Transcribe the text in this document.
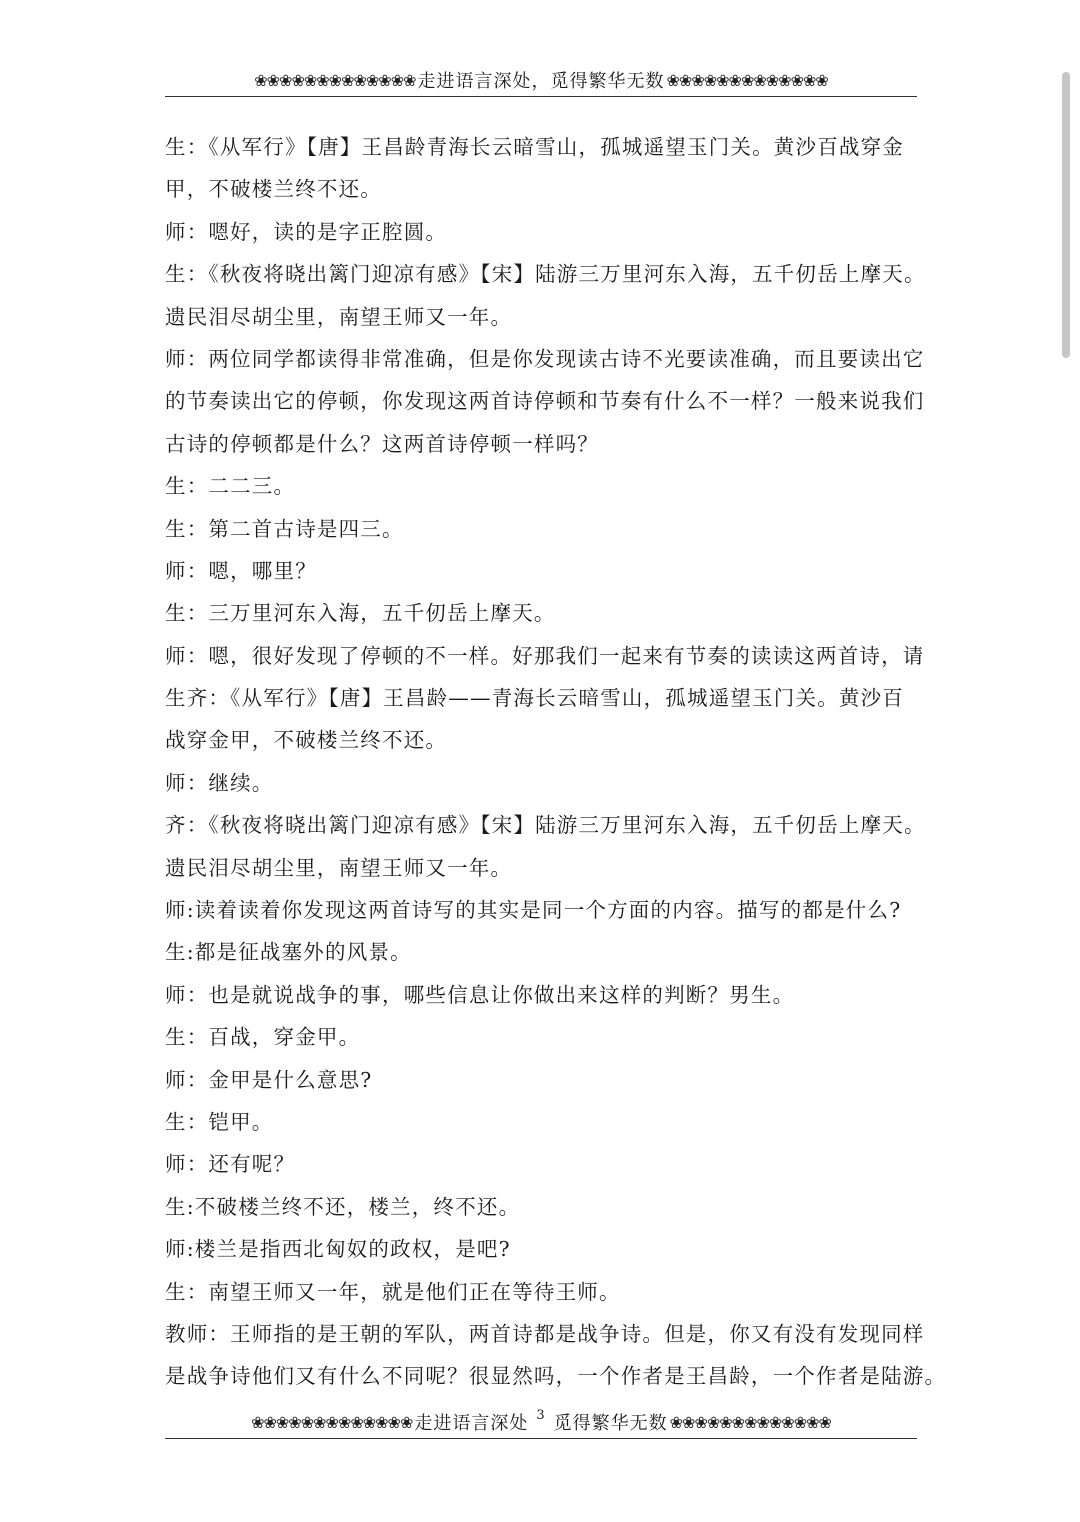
❀❀❀❀❀❀❀❀❀❀❀❀❀ 走进语言深处，觅得繁华无数 ❀❀❀❀❀❀❀❀❀❀❀❀❀
生：《从军行》【唐】王昌龄青海长云暗雪山，孤城遥望玉门关。黄沙百战穿金
甲，不破楼兰终不还。
师：嗯好，读的是字正腔圆。
生：《秋夜将晓出篱门迎凉有感》【宋】陆游三万里河东入海，五千仞岳上摩天。
遗民泪尽胡尘里，南望王师又一年。
师：两位同学都读得非常准确，但是你发现读古诗不光要读准确，而且要读出它
的节奏读出它的停顿，你发现这两首诗停顿和节奏有什么不一样？一般来说我们
古诗的停顿都是什么？这两首诗停顿一样吗？
生：二二三。
生：第二首古诗是四三。
师：嗯，哪里？
生：三万里河东入海，五千仞岳上摩天。
师：嗯，很好发现了停顿的不一样。好那我们一起来有节奏的读读这两首诗，请
生齐：《从军行》【唐】王昌龄——青海长云暗雪山，孤城遥望玉门关。黄沙百
战穿金甲，不破楼兰终不还。
师：继续。
齐：《秋夜将晓出篱门迎凉有感》【宋】陆游三万里河东入海，五千仞岳上摩天。
遗民泪尽胡尘里，南望王师又一年。
师:读着读着你发现这两首诗写的其实是同一个方面的内容。描写的都是什么?
生:都是征战塞外的风景。
师：也是就说战争的事，哪些信息让你做出来这样的判断？男生。
生：百战，穿金甲。
师：金甲是什么意思?
生：铠甲。
师：还有呢？
生:不破楼兰终不还，楼兰，终不还。
师:楼兰是指西北匈奴的政权，是吧?
生：南望王师又一年，就是他们正在等待王师。
教师：王师指的是王朝的军队，两首诗都是战争诗。但是，你又有没有发现同样
是战争诗他们又有什么不同呢？很显然吗，一个作者是王昌龄，一个作者是陆游。
❀❀❀❀❀❀❀❀❀❀❀❀❀ 走进语言深处 3 觅得繁华无数 ❀❀❀❀❀❀❀❀❀❀❀❀❀
